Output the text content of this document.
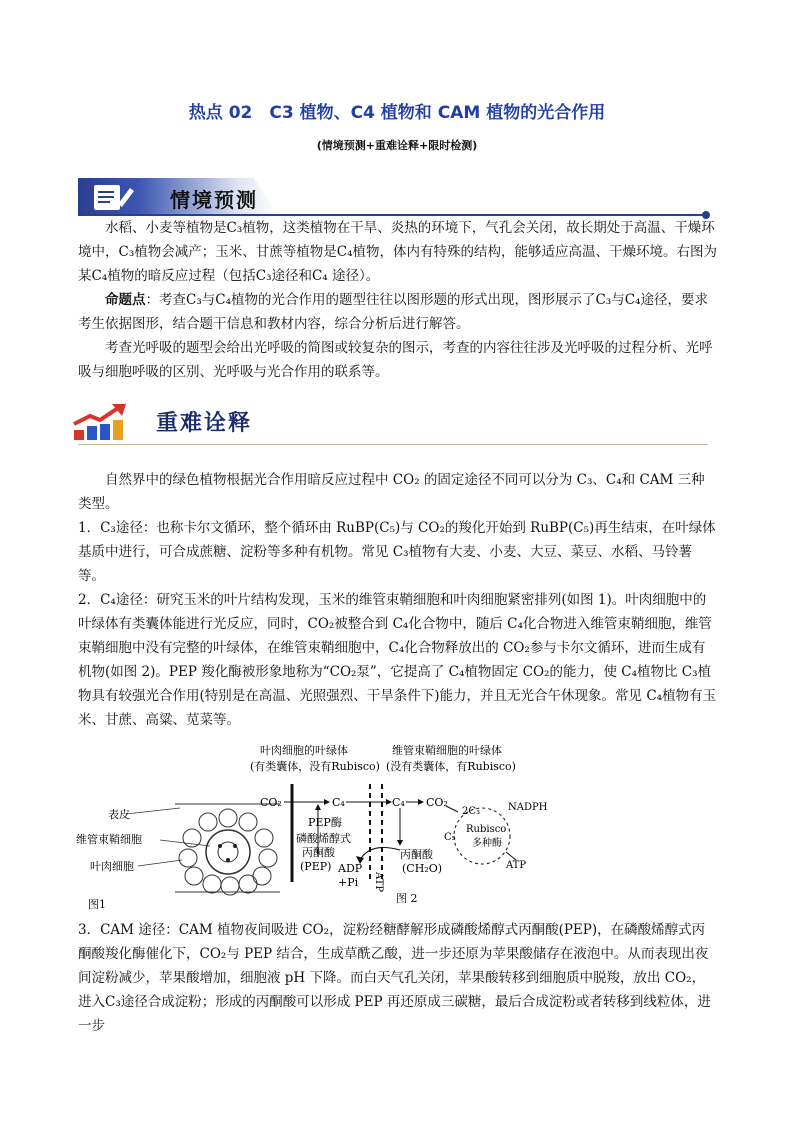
热点 02　C3 植物、C4 植物和 CAM 植物的光合作用
(情境预测+重难诠释+限时检测)
情境预测

水稻、小麦等植物是C₃植物，这类植物在干旱、炎热的环境下，气孔会关闭，故长期处于高温、干燥环境中，C₃植物会减产；玉米、甘蔗等植物是C₄植物，体内有特殊的结构，能够适应高温、干燥环境。右图为某C₄植物的暗反应过程（包括C₃途径和C₄ 途径）。

命题点：考查C₃与C₄植物的光合作用的题型往往以图形题的形式出现，图形展示了C₃与C₄途径，要求考生依据图形，结合题干信息和教材内容，综合分析后进行解答。

考查光呼吸的题型会给出光呼吸的简图或较复杂的图示，考查的内容往往涉及光呼吸的过程分析、光呼吸与细胞呼吸的区别、光呼吸与光合作用的联系等。

重难诠释

自然界中的绿色植物根据光合作用暗反应过程中 CO₂ 的固定途径不同可以分为 C₃、C₄和 CAM 三种类型。

1．C₃途径：也称卡尔文循环，整个循环由 RuBP(C₅)与 CO₂的羧化开始到 RuBP(C₅)再生结束，在叶绿体基质中进行，可合成蔗糖、淀粉等多种有机物。常见 C₃植物有大麦、小麦、大豆、菜豆、水稻、马铃薯等。

2．C₄途径：研究玉米的叶片结构发现，玉米的维管束鞘细胞和叶肉细胞紧密排列(如图 1)。叶肉细胞中的叶绿体有类囊体能进行光反应，同时，CO₂被整合到 C₄化合物中，随后 C₄化合物进入维管束鞘细胞，维管束鞘细胞中没有完整的叶绿体，在维管束鞘细胞中，C₄化合物释放出的 CO₂参与卡尔文循环，进而生成有机物(如图 2)。PEP 羧化酶被形象地称为“CO₂泵”，它提高了 C₄植物固定 CO₂的能力，使 C₄植物比 C₃植物具有较强光合作用(特别是在高温、光照强烈、干旱条件下)能力，并且无光合午休现象。常见 C₄植物有玉米、甘蔗、高粱、苋菜等。

表皮
维管束鞘细胞
叶肉细胞
图1
叶肉细胞的叶绿体
(有类囊体，没有Rubisco)
维管束鞘细胞的叶绿体
(没有类囊体，有Rubisco)
CO₂	C₄
PEP酶
磷酸烯醇式
丙酮酸
(PEP) ADP
+Pi ATP
C₄ CO₂
丙酮酸
(CH₂O)
2C₃	NADPH
Rubisco
C₅
多种酶
ATP
图 2

3．CAM 途径：CAM 植物夜间吸进 CO₂，淀粉经糖酵解形成磷酸烯醇式丙酮酸(PEP)，在磷酸烯醇式丙酮酸羧化酶催化下，CO₂与 PEP 结合，生成草酰乙酸，进一步还原为苹果酸储存在液泡中。从而表现出夜间淀粉减少，苹果酸增加，细胞液 pH 下降。而白天气孔关闭，苹果酸转移到细胞质中脱羧，放出 CO₂，进入C₃途径合成淀粉；形成的丙酮酸可以形成 PEP 再还原成三碳糖，最后合成淀粉或者转移到线粒体，进一步
